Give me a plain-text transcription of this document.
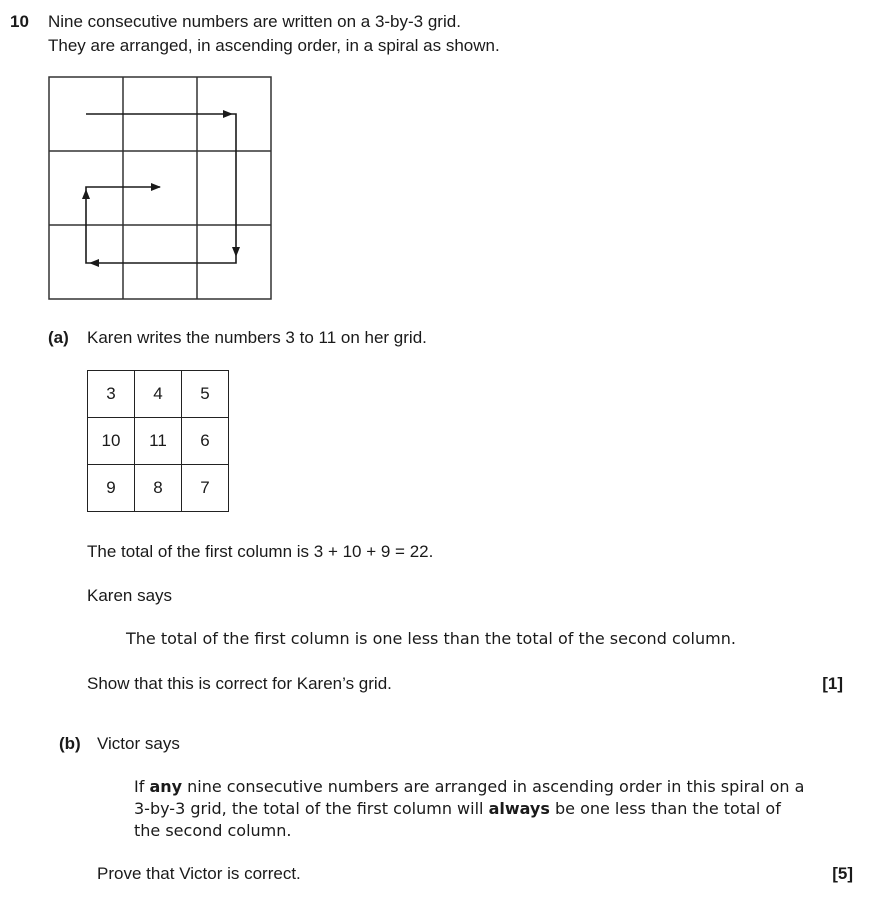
10 Nine consecutive numbers are written on a 3-by-3 grid.
They are arranged, in ascending order, in a spiral as shown.
(a) Karen writes the numbers 3 to 11 on her grid.
3	4	5
10	11	6
9	8	7
The total of the first column is 3 + 10 + 9 = 22.
Karen says
The total of the first column is one less than the total of the second column.
Show that this is correct for Karen’s grid.	[1]
(b) Victor says
If any nine consecutive numbers are arranged in ascending order in this spiral on a
3-by-3 grid, the total of the first column will always be one less than the total of
the second column.
Prove that Victor is correct.	[5]
